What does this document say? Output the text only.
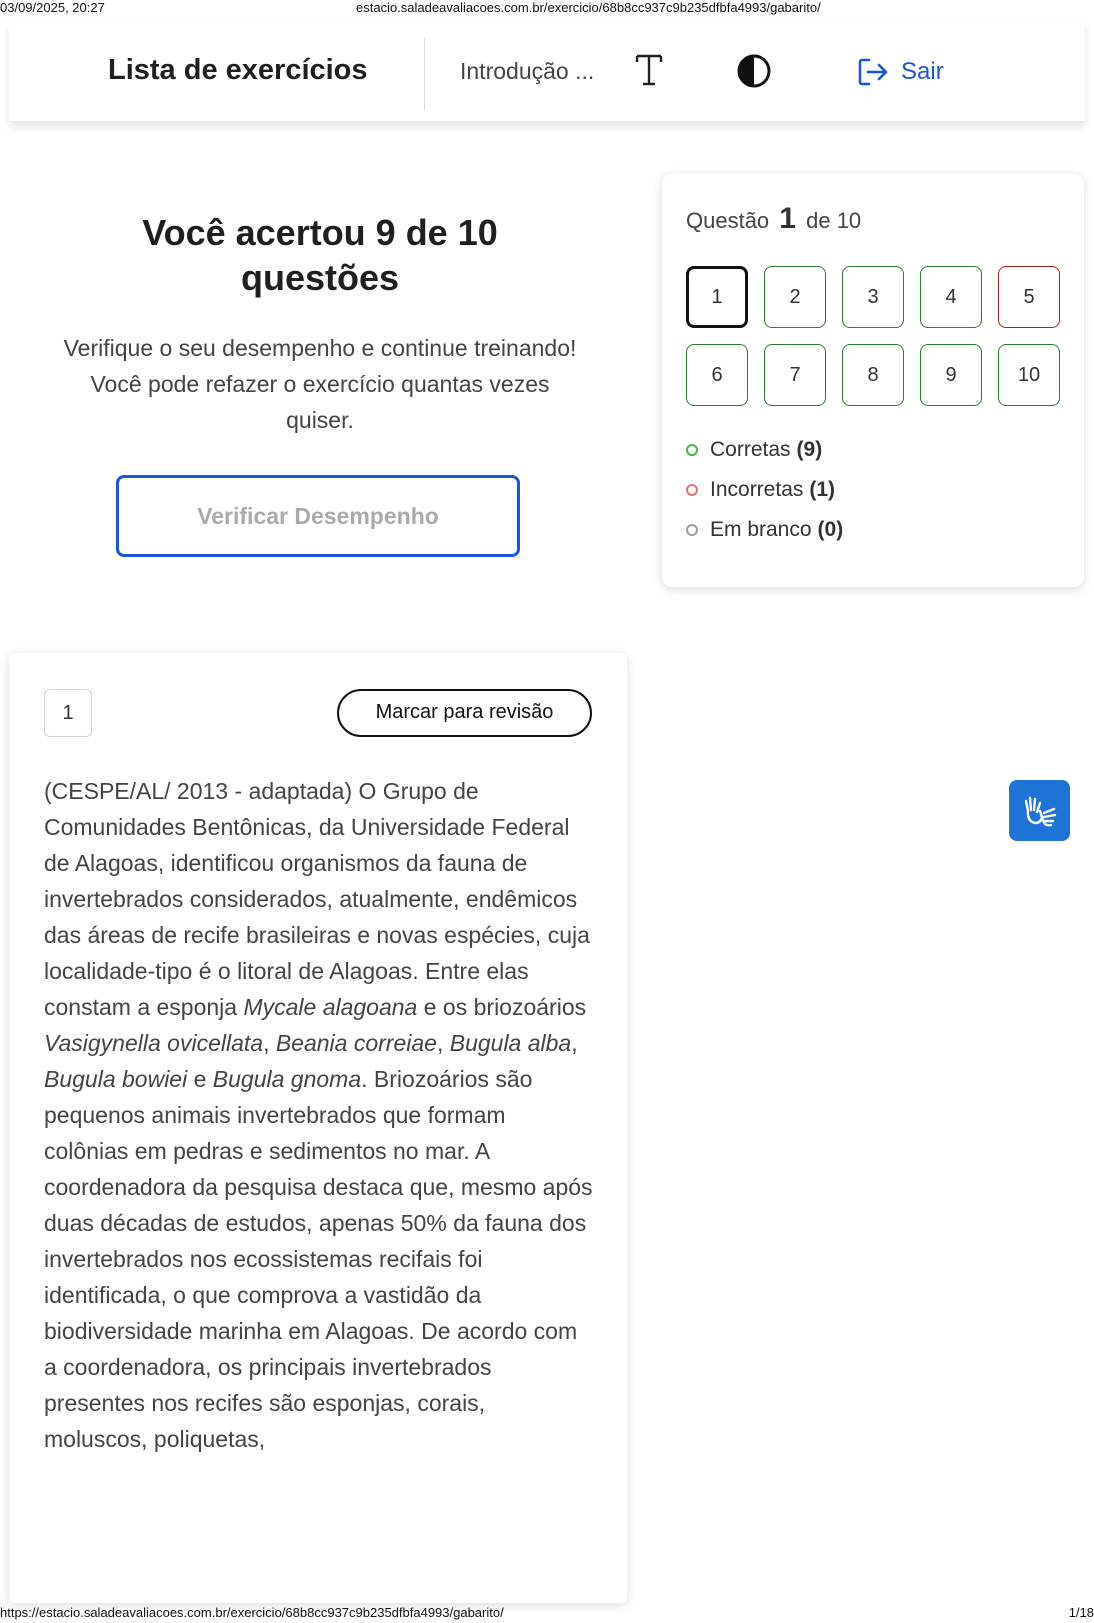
03/09/2025, 20:27	estacio.saladeavaliacoes.com.br/exercicio/68b8cc937c9b235dfbfa4993/gabarito/
Lista de exercícios	Introdução ...	Sair
Você acertou 9 de 10 questões

Verifique o seu desempenho e continue treinando! Você pode refazer o exercício quantas vezes quiser.

Verificar Desempenho
Questão 1 de 10
1	2	3	4	5
6	7	8	9	10
Corretas (9)
Incorretas (1)
Em branco (0)
1	Marcar para revisão
(CESPE/AL/ 2013 - adaptada) O Grupo de Comunidades Bentônicas, da Universidade Federal de Alagoas, identificou organismos da fauna de invertebrados considerados, atualmente, endêmicos das áreas de recife brasileiras e novas espécies, cuja localidade-tipo é o litoral de Alagoas. Entre elas constam a esponja Mycale alagoana e os briozoários Vasigynella ovicellata, Beania correiae, Bugula alba, Bugula bowiei e Bugula gnoma. Briozoários são pequenos animais invertebrados que formam colônias em pedras e sedimentos no mar. A coordenadora da pesquisa destaca que, mesmo após duas décadas de estudos, apenas 50% da fauna dos invertebrados nos ecossistemas recifais foi identificada, o que comprova a vastidão da biodiversidade marinha em Alagoas. De acordo com a coordenadora, os principais invertebrados presentes nos recifes são esponjas, corais, moluscos, poliquetas,
https://estacio.saladeavaliacoes.com.br/exercicio/68b8cc937c9b235dfbfa4993/gabarito/	1/18
